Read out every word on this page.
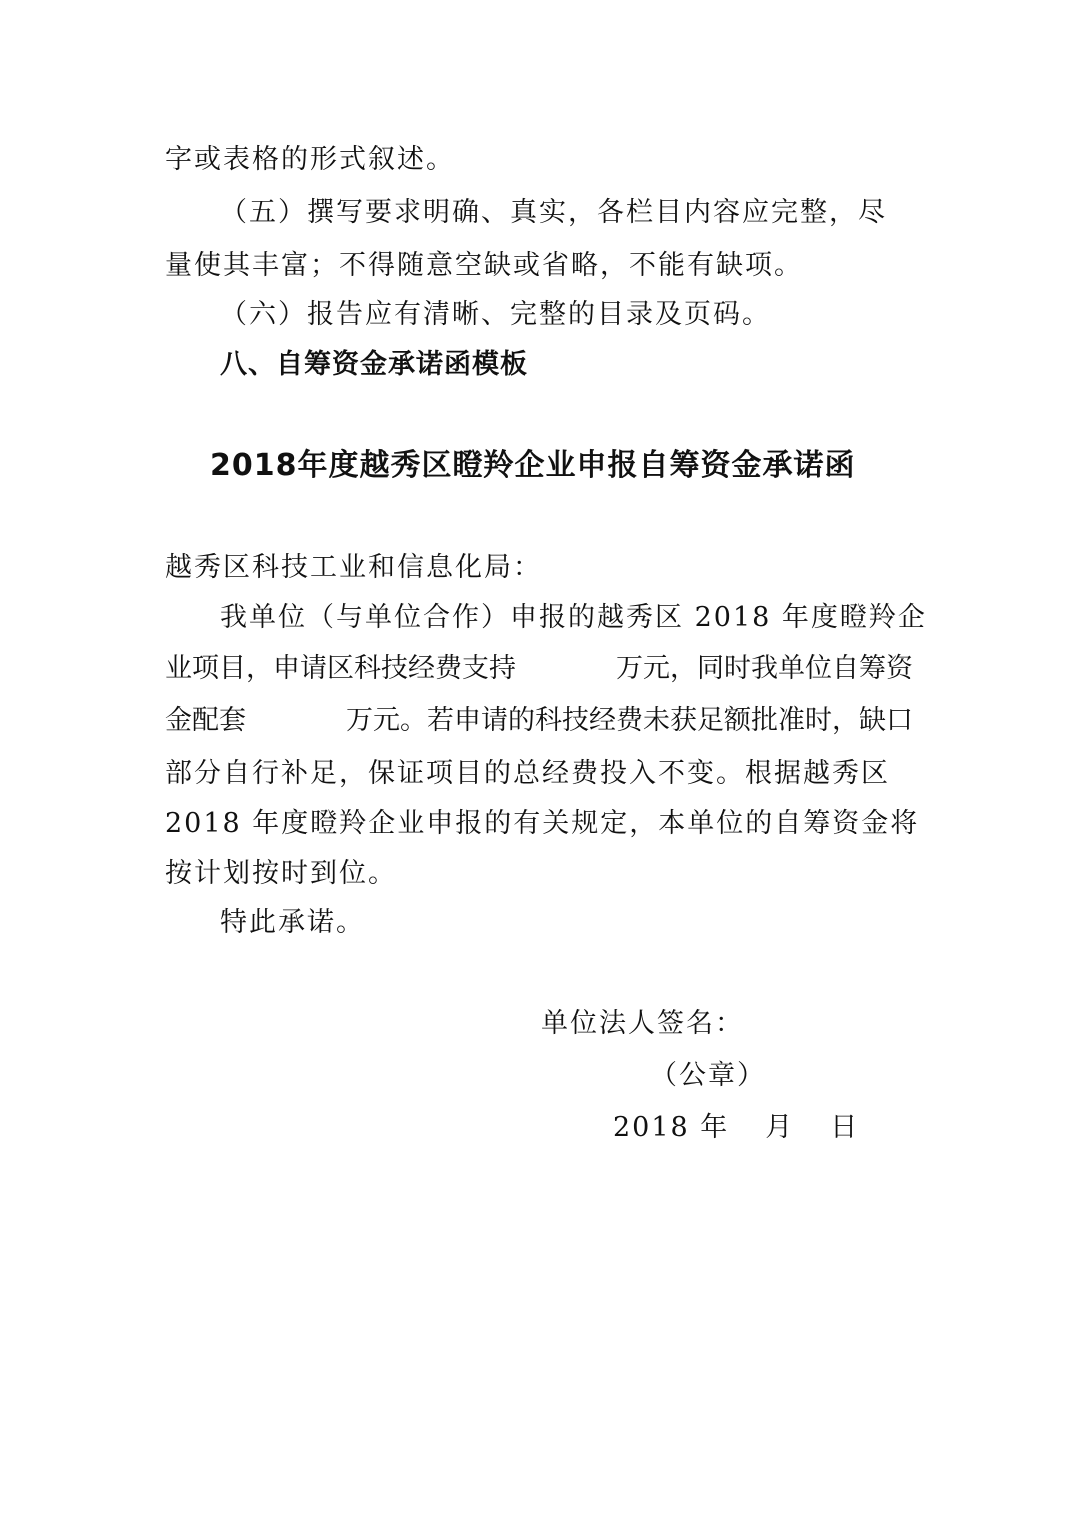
字或表格的形式叙述。
（五）撰写要求明确、真实，各栏目内容应完整，尽
量使其丰富；不得随意空缺或省略，不能有缺项。
（六）报告应有清晰、完整的目录及页码。
八、自筹资金承诺函模板
2018年度越秀区瞪羚企业申报自筹资金承诺函
越秀区科技工业和信息化局：
我单位（与单位合作）申报的越秀区 2018 年度瞪羚企
业项目，申请区科技经费支持	万元，同时我单位自筹资
金配套	万元。若申请的科技经费未获足额批准时，缺口
部分自行补足，保证项目的总经费投入不变。根据越秀区
2018 年度瞪羚企业申报的有关规定，本单位的自筹资金将
按计划按时到位。
特此承诺。
单位法人签名：
（公章）
2018 年 月 日
